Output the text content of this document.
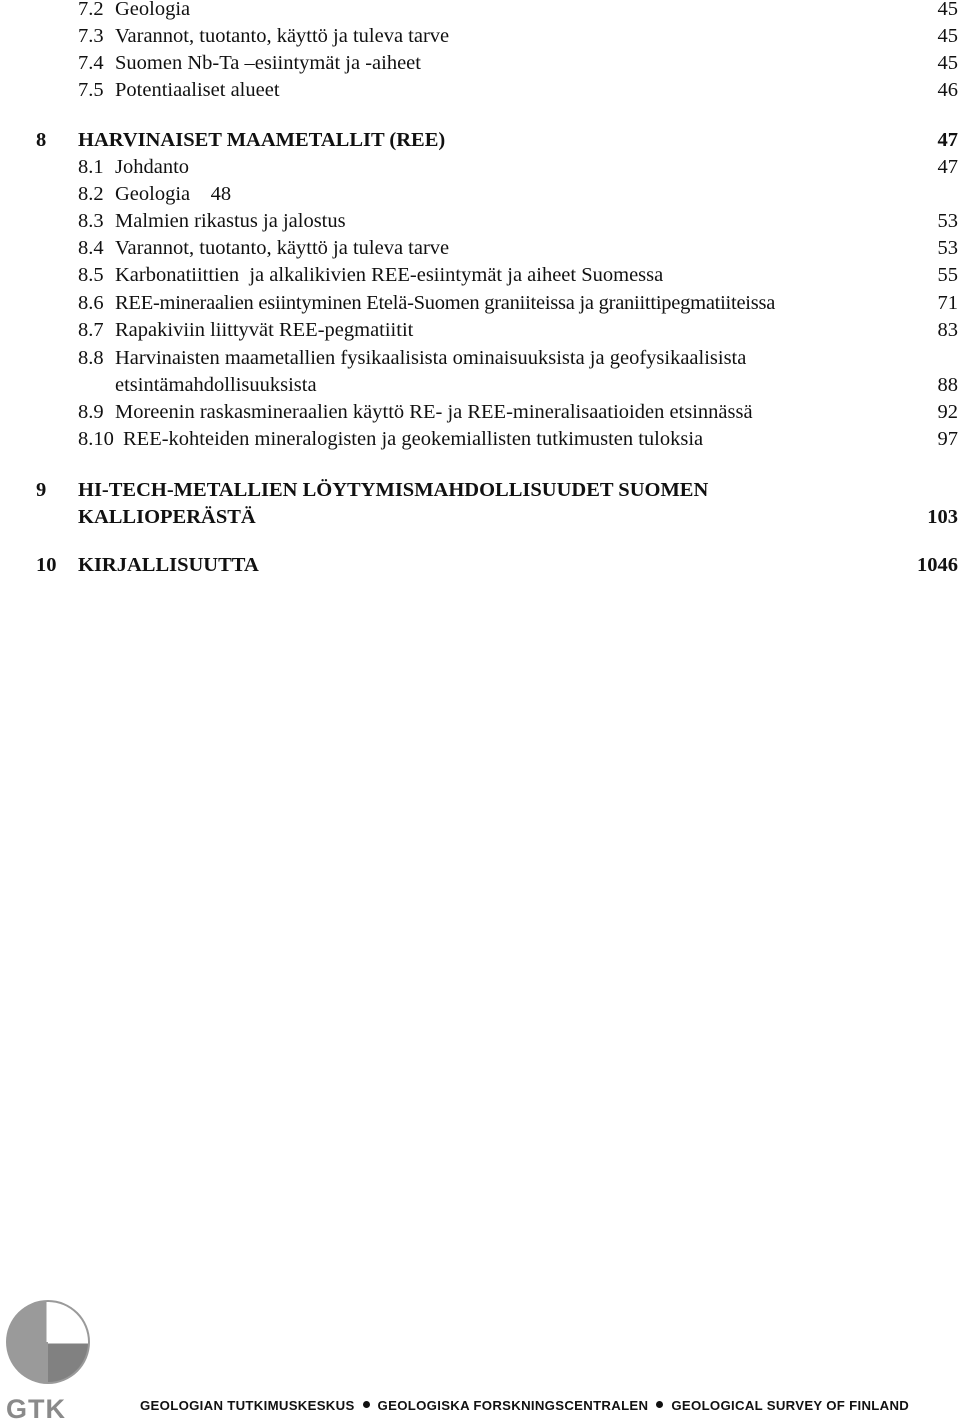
7.2 Geologia	45
7.3 Varannot, tuotanto, käyttö ja tuleva tarve	45
7.4 Suomen Nb-Ta –esiintymät ja -aiheet	45
7.5 Potentiaaliset alueet	46
8 HARVINAISET MAAMETALLIT (REE)	47
8.1 Johdanto	47
8.2 Geologia    48
8.3 Malmien rikastus ja jalostus	53
8.4 Varannot, tuotanto, käyttö ja tuleva tarve	53
8.5 Karbonatiittien  ja alkalikivien REE-esiintymät ja aiheet Suomessa	55
8.6 REE-mineraalien esiintyminen Etelä-Suomen graniiteissa ja graniittipegmatiiteissa	71
8.7 Rapakiviin liittyvät REE-pegmatiitit	83
8.8 Harvinaisten maametallien fysikaalisista ominaisuuksista ja geofysikaalisista
etsintämahdollisuuksista	88
8.9 Moreenin raskasmineraalien käyttö RE- ja REE-mineralisaatioiden etsinnässä	92
8.10 REE-kohteiden mineralogisten ja geokemiallisten tutkimusten tuloksia	97
9 HI-TECH-METALLIEN LÖYTYMISMAHDOLLISUUDET SUOMEN
KALLIOPERÄSTÄ	103
10 KIRJALLISUUTTA	1046
GTK	GEOLOGIAN TUTKIMUSKESKUS GEOLOGISKA FORSKNINGSCENTRALEN GEOLOGICAL SURVEY OF FINLAND
